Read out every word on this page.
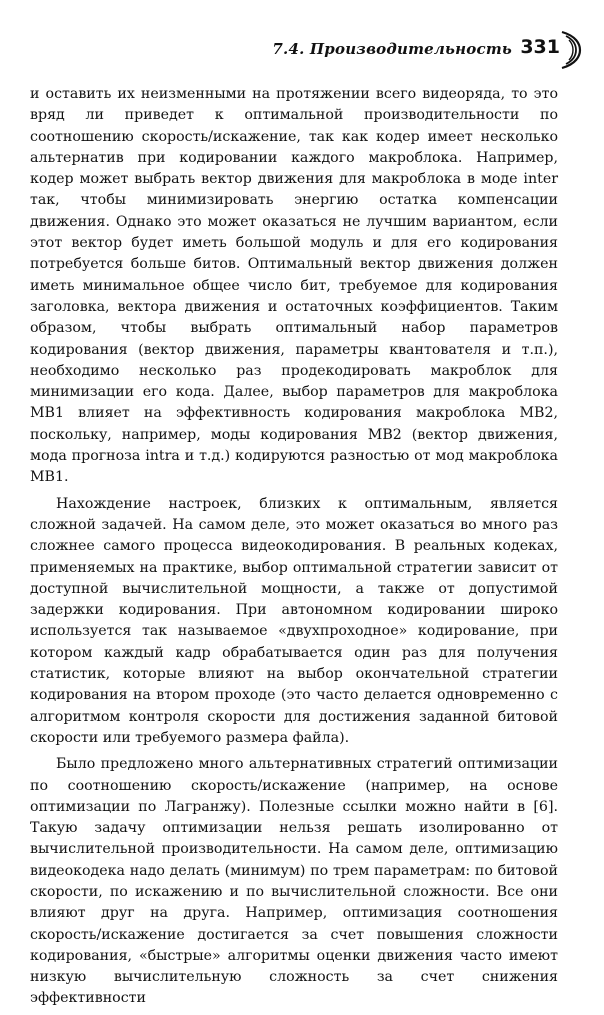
7.4. Производительность 331

и оставить их неизменными на протяжении всего видеоряда, то это вряд ли приведет к оптимальной производительности по соотношению скорость/искажение, так как кодер имеет несколько альтернатив при кодировании каждого макроблока. Например, кодер может выбрать вектор движения для макроблока в моде inter так, чтобы минимизировать энергию остатка компенсации движения. Однако это может оказаться не лучшим вариантом, если этот вектор будет иметь большой модуль и для его кодирования потребуется больше битов. Оптимальный вектор движения должен иметь минимальное общее число бит, требуемое для кодирования заголовка, вектора движения и остаточных коэффициентов. Таким образом, чтобы выбрать оптимальный набор параметров кодирования (вектор движения, параметры квантователя и т.п.), необходимо несколько раз продекодировать макроблок для минимизации его кода. Далее, выбор параметров для макроблока MB1 влияет на эффективность кодирования макроблока MB2, поскольку, например, моды кодирования MB2 (вектор движения, мода прогноза intra и т.д.) кодируются разностью от мод макроблока MB1.

Нахождение настроек, близких к оптимальным, является сложной задачей. На самом деле, это может оказаться во много раз сложнее самого процесса видеокодирования. В реальных кодеках, применяемых на практике, выбор оптимальной стратегии зависит от доступной вычислительной мощности, а также от допустимой задержки кодирования. При автономном кодировании широко используется так называемое «двухпроходное» кодирование, при котором каждый кадр обрабатывается один раз для получения статистик, которые влияют на выбор окончательной стратегии кодирования на втором проходе (это часто делается одновременно с алгоритмом контроля скорости для достижения заданной битовой скорости или требуемого размера файла).

Было предложено много альтернативных стратегий оптимизации по соотношению скорость/искажение (например, на основе оптимизации по Лагранжу). Полезные ссылки можно найти в [6]. Такую задачу оптимизации нельзя решать изолированно от вычислительной производительности. На самом деле, оптимизацию видеокодека надо делать (минимум) по трем параметрам: по битовой скорости, по искажению и по вычислительной сложности. Все они влияют друг на друга. Например, оптимизация соотношения скорость/искажение достигается за счет повышения сложности кодирования, «быстрые» алгоритмы оценки движения часто имеют низкую вычислительную сложность за счет снижения эффективности
